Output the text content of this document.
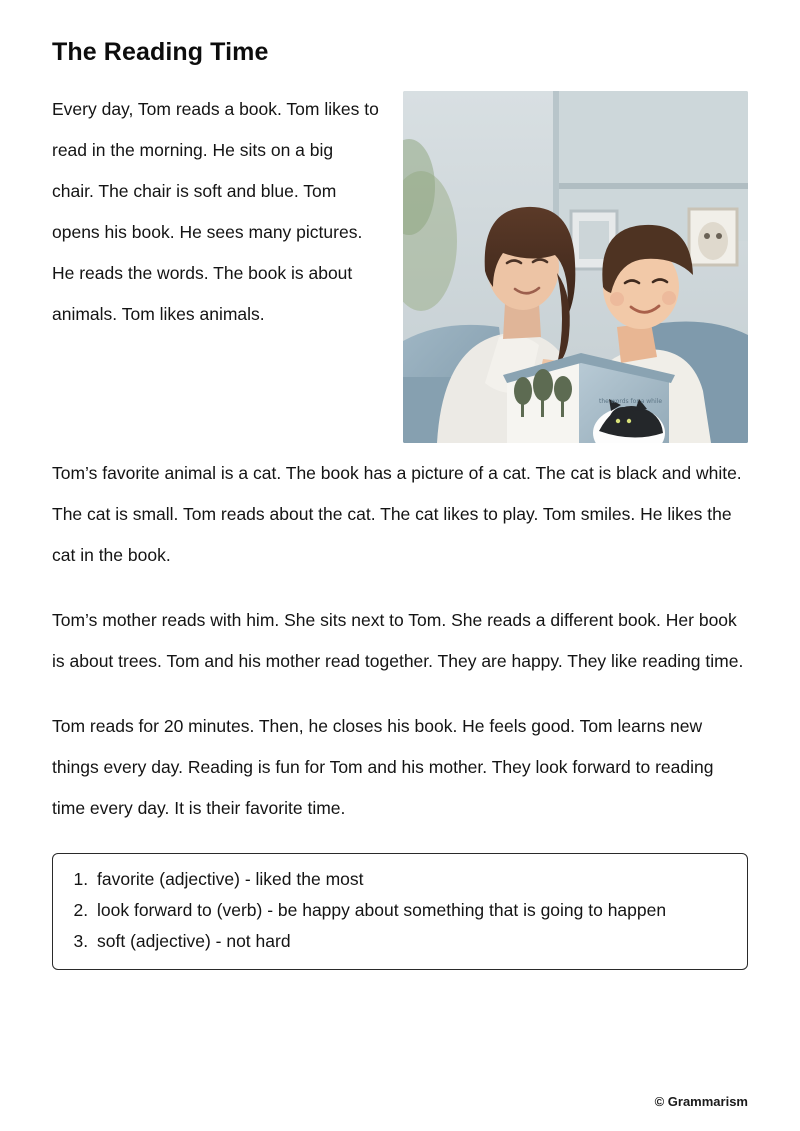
The Reading Time
the words for a while

Every day, Tom reads a book. Tom likes to read in the morning. He sits on a big chair. The chair is soft and blue. Tom opens his book. He sees many pictures. He reads the words. The book is about animals. Tom likes animals.

Tom’s favorite animal is a cat. The book has a picture of a cat. The cat is black and white. The cat is small. Tom reads about the cat. The cat likes to play. Tom smiles. He likes the cat in the book.

Tom’s mother reads with him. She sits next to Tom. She reads a different book. Her book is about trees. Tom and his mother read together. They are happy. They like reading time.

Tom reads for 20 minutes. Then, he closes his book. He feels good. Tom learns new things every day. Reading is fun for Tom and his mother. They look forward to reading time every day. It is their favorite time.

1. favorite (adjective) - liked the most
2. look forward to (verb) - be happy about something that is going to happen
3. soft (adjective) - not hard
© Grammarism
